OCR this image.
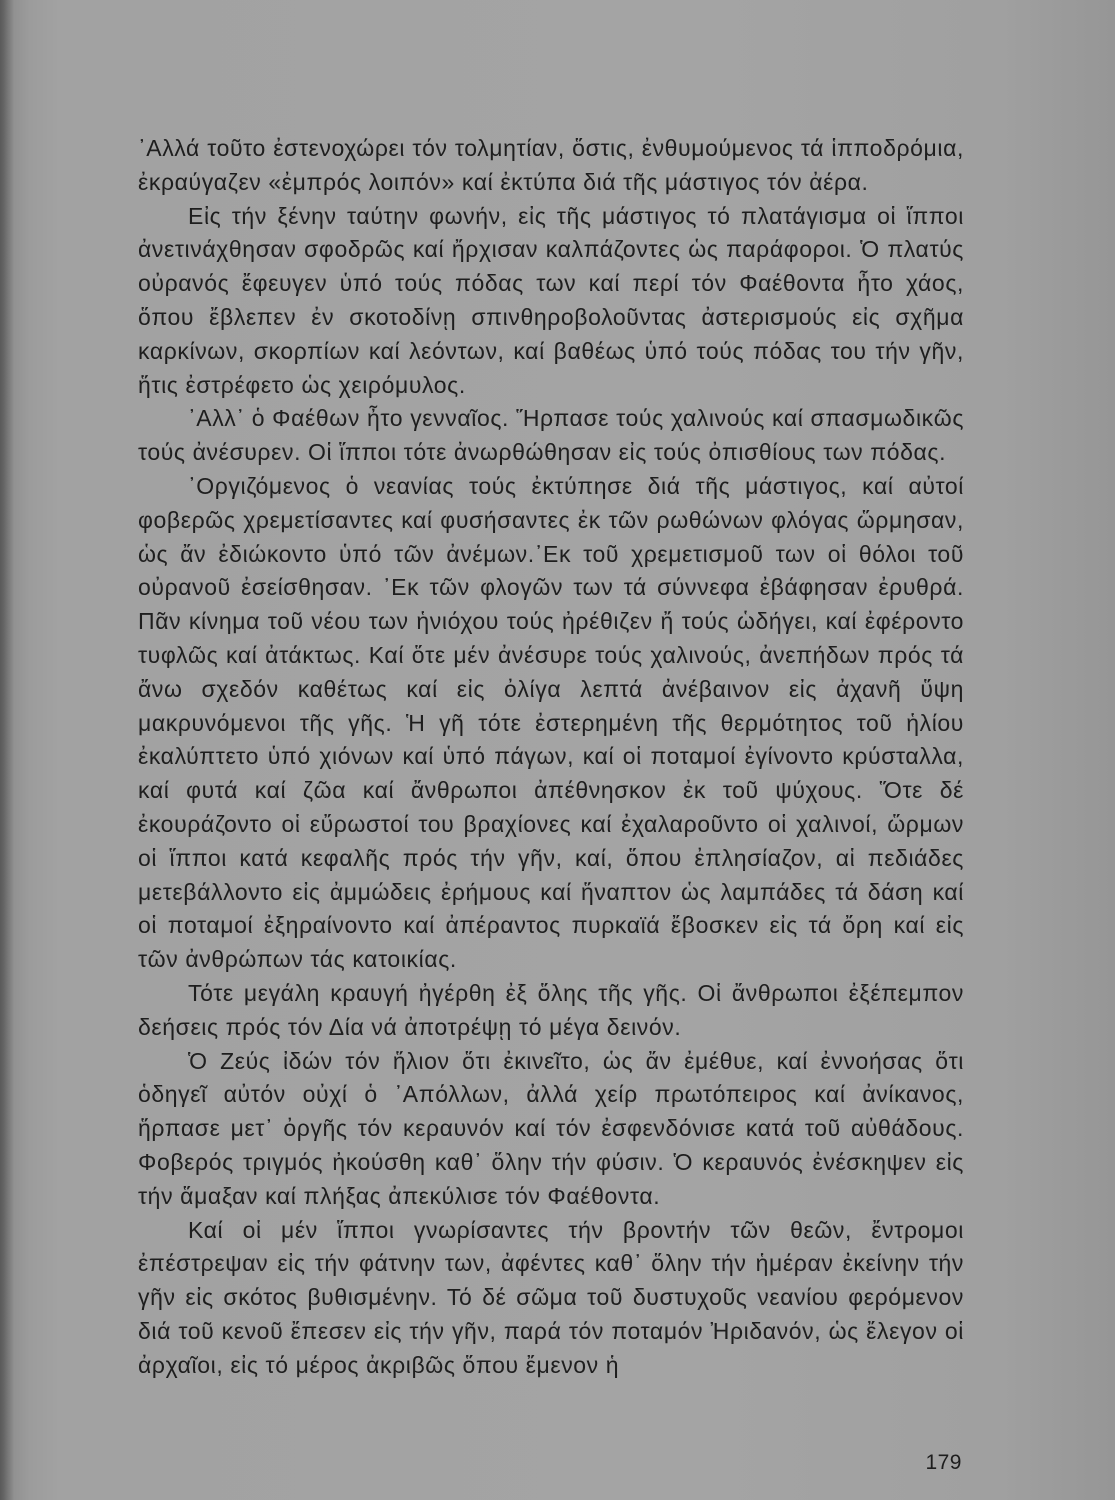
᾿Αλλά τοῦτο ἐστενοχώρει τόν τολμητίαν, ὅστις, ἐνθυμούμενος τά ἱπποδρόμια, ἐκραύγαζεν «ἐμπρός λοιπόν» καί ἐκτύπα διά τῆς μάστιγος τόν ἀέρα.

Εἰς τήν ξένην ταύτην φωνήν, εἰς τῆς μάστιγος τό πλατάγισμα οἱ ἵπποι ἀνετινάχθησαν σφοδρῶς καί ἤρχισαν καλπάζοντες ὡς παράφοροι. Ὁ πλατύς οὐρανός ἔφευγεν ὑπό τούς πόδας των καί περί τόν Φαέθοντα ἦτο χάος, ὅπου ἔβλεπεν ἐν σκοτοδίνῃ σπινθηροβολοῦντας ἀστερισμούς εἰς σχῆμα καρκίνων, σκορπίων καί λεόντων, καί βαθέως ὑπό τούς πόδας του τήν γῆν, ἥτις ἐστρέφετο ὡς χειρόμυλος.

᾿Αλλ᾿ ὁ Φαέθων ἦτο γενναῖος. Ἥρπασε τούς χαλινούς καί σπασμωδικῶς τούς ἀνέσυρεν. Οἱ ἵπποι τότε ἀνωρθώθησαν εἰς τούς ὀπισθίους των πόδας.

᾿Οργιζόμενος ὁ νεανίας τούς ἐκτύπησε διά τῆς μάστιγος, καί αὐτοί φοβερῶς χρεμετίσαντες καί φυσήσαντες ἐκ τῶν ρωθώνων φλόγας ὥρμησαν, ὡς ἄν ἐδιώκοντο ὑπό τῶν ἀνέμων.᾿Εκ τοῦ χρεμετισμοῦ των οἱ θόλοι τοῦ οὐρανοῦ ἐσείσθησαν. ᾿Εκ τῶν φλογῶν των τά σύννεφα ἐβάφησαν ἐρυθρά. Πᾶν κίνημα τοῦ νέου των ἡνιόχου τούς ἠρέθιζεν ἤ τούς ὡδήγει, καί ἐφέροντο τυφλῶς καί ἀτάκτως. Καί ὅτε μέν ἀνέσυρε τούς χαλινούς, ἀνεπήδων πρός τά ἄνω σχεδόν καθέτως καί εἰς ὀλίγα λεπτά ἀνέβαινον εἰς ἀχανῆ ὕψη μακρυνόμενοι τῆς γῆς. Ἡ γῆ τότε ἐστερημένη τῆς θερμότητος τοῦ ἡλίου ἐκαλύπτετο ὑπό χιόνων καί ὑπό πάγων, καί οἱ ποταμοί ἐγίνοντο κρύσταλλα, καί φυτά καί ζῶα καί ἄνθρωποι ἀπέθνησκον ἐκ τοῦ ψύχους. Ὅτε δέ ἐκουράζοντο οἱ εὔρωστοί του βραχίονες καί ἐχαλαροῦντο οἱ χαλινοί, ὥρμων οἱ ἵπποι κατά κεφαλῆς πρός τήν γῆν, καί, ὅπου ἐπλησίαζον, αἱ πεδιάδες μετεβάλλοντο εἰς ἀμμώδεις ἐρήμους καί ἥναπτον ὡς λαμπάδες τά δάση καί οἱ ποταμοί ἐξηραίνοντο καί ἀπέραντος πυρκαϊά ἔβοσκεν εἰς τά ὄρη καί εἰς τῶν ἀνθρώπων τάς κατοικίας.

Τότε μεγάλη κραυγή ἠγέρθη ἐξ ὅλης τῆς γῆς. Οἱ ἄνθρωποι ἐξέπεμπον δεήσεις πρός τόν Δία νά ἀποτρέψῃ τό μέγα δεινόν.

Ὁ Ζεύς ἰδών τόν ἥλιον ὅτι ἐκινεῖτο, ὡς ἄν ἐμέθυε, καί ἐννοήσας ὅτι ὁδηγεῖ αὐτόν οὐχί ὁ ᾿Απόλλων, ἀλλά χείρ πρωτόπειρος καί ἀνίκανος, ἥρπασε μετ᾿ ὀργῆς τόν κεραυνόν καί τόν ἐσφενδόνισε κατά τοῦ αὐθάδους. Φοβερός τριγμός ἠκούσθη καθ᾿ ὅλην τήν φύσιν. Ὁ κεραυνός ἐνέσκηψεν εἰς τήν ἅμαξαν καί πλήξας ἀπεκύλισε τόν Φαέθοντα.

Καί οἱ μέν ἵπποι γνωρίσαντες τήν βροντήν τῶν θεῶν, ἔντρομοι ἐπέστρεψαν εἰς τήν φάτνην των, ἀφέντες καθ᾿ ὅλην τήν ἡμέραν ἐκείνην τήν γῆν εἰς σκότος βυθισμένην. Τό δέ σῶμα τοῦ δυστυχοῦς νεανίου φερόμενον διά τοῦ κενοῦ ἔπεσεν εἰς τήν γῆν, παρά τόν ποταμόν Ἠριδανόν, ὡς ἔλεγον οἱ ἀρχαῖοι, εἰς τό μέρος ἀκριβῶς ὅπου ἔμενον ἡ

179
